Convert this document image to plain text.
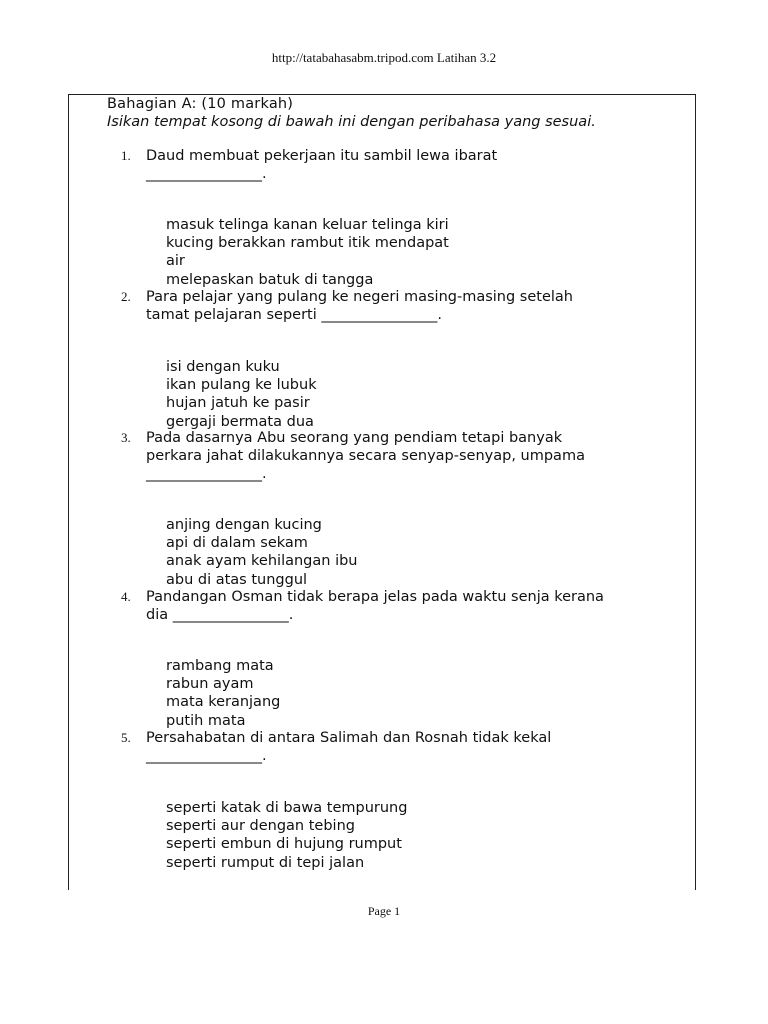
http://tatabahasabm.tripod.com Latihan 3.2
Bahagian A: (10 markah)
Isikan tempat kosong di bawah ini dengan peribahasa yang sesuai.
1. Daud membuat pekerjaan itu sambil lewa ibarat
________________.
masuk telinga kanan keluar telinga kiri
kucing berakkan rambut itik mendapat
air
melepaskan batuk di tangga
2. Para pelajar yang pulang ke negeri masing-masing setelah
tamat pelajaran seperti ________________.
isi dengan kuku
ikan pulang ke lubuk
hujan jatuh ke pasir
gergaji bermata dua
3. Pada dasarnya Abu seorang yang pendiam tetapi banyak
perkara jahat dilakukannya secara senyap-senyap, umpama
________________.
anjing dengan kucing
api di dalam sekam
anak ayam kehilangan ibu
abu di atas tunggul
4. Pandangan Osman tidak berapa jelas pada waktu senja kerana
dia ________________.
rambang mata
rabun ayam
mata keranjang
putih mata
5. Persahabatan di antara Salimah dan Rosnah tidak kekal
________________.
seperti katak di bawa tempurung
seperti aur dengan tebing
seperti embun di hujung rumput
seperti rumput di tepi jalan
Page 1
